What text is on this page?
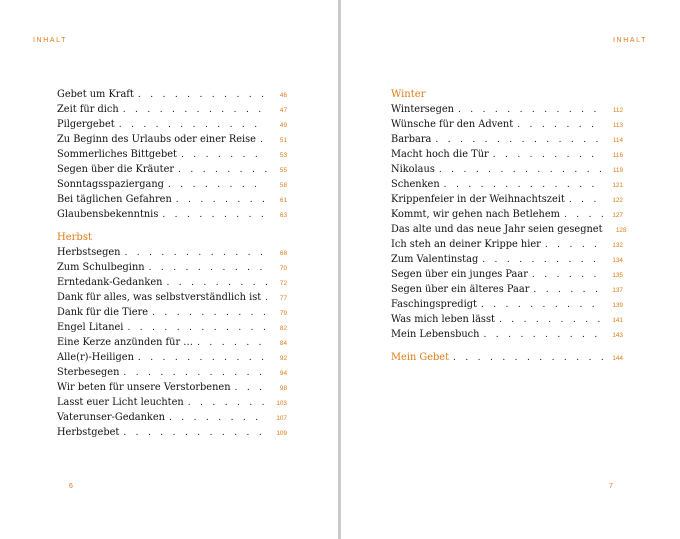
INHALT
Gebet um Kraft . . .	46
Zeit für dich . . .	47
Pilgergebet . . .	49
Zu Beginn des Urlaubs oder einer Reise . . .	51
Sommerliches Bittgebet . . .	53
Segen über die Kräuter . . .	55
Sonntagsspaziergang . . .	58
Bei täglichen Gefahren . . .	61
Glaubensbekenntnis . . .	63
Herbst
Herbstsegen . . .	68
Zum Schulbeginn . . .	70
Erntedank-Gedanken . . .	72
Dank für alles, was selbstverständlich ist . . .	77
Dank für die Tiere . . .	79
Engel Litanei . . .	82
Eine Kerze anzünden für … . . .	84
Alle(r)-Heiligen . . .	92
Sterbesegen . . .	94
Wir beten für unsere Verstorbenen . . .	98
Lasst euer Licht leuchten . . .	103
Vaterunser-Gedanken . . .	107
Herbstgebet . . .	109
6
INHALT
Winter
Wintersegen . . .	112
Wünsche für den Advent . . .	113
Barbara . . .	114
Macht hoch die Tür . . .	116
Nikolaus . . .	119
Schenken . . .	121
Krippenfeier in der Weihnachtszeit . . .	122
Kommt, wir gehen nach Betlehem . . .	127
Das alte und das neue Jahr seien gesegnet . . .	128
Ich steh an deiner Krippe hier . . .	132
Zum Valentinstag . . .	134
Segen über ein junges Paar . . .	135
Segen über ein älteres Paar . . .	137
Faschingspredigt . . .	139
Was mich leben lässt . . .	141
Mein Lebensbuch . . .	143
Mein Gebet . . .	144
7
